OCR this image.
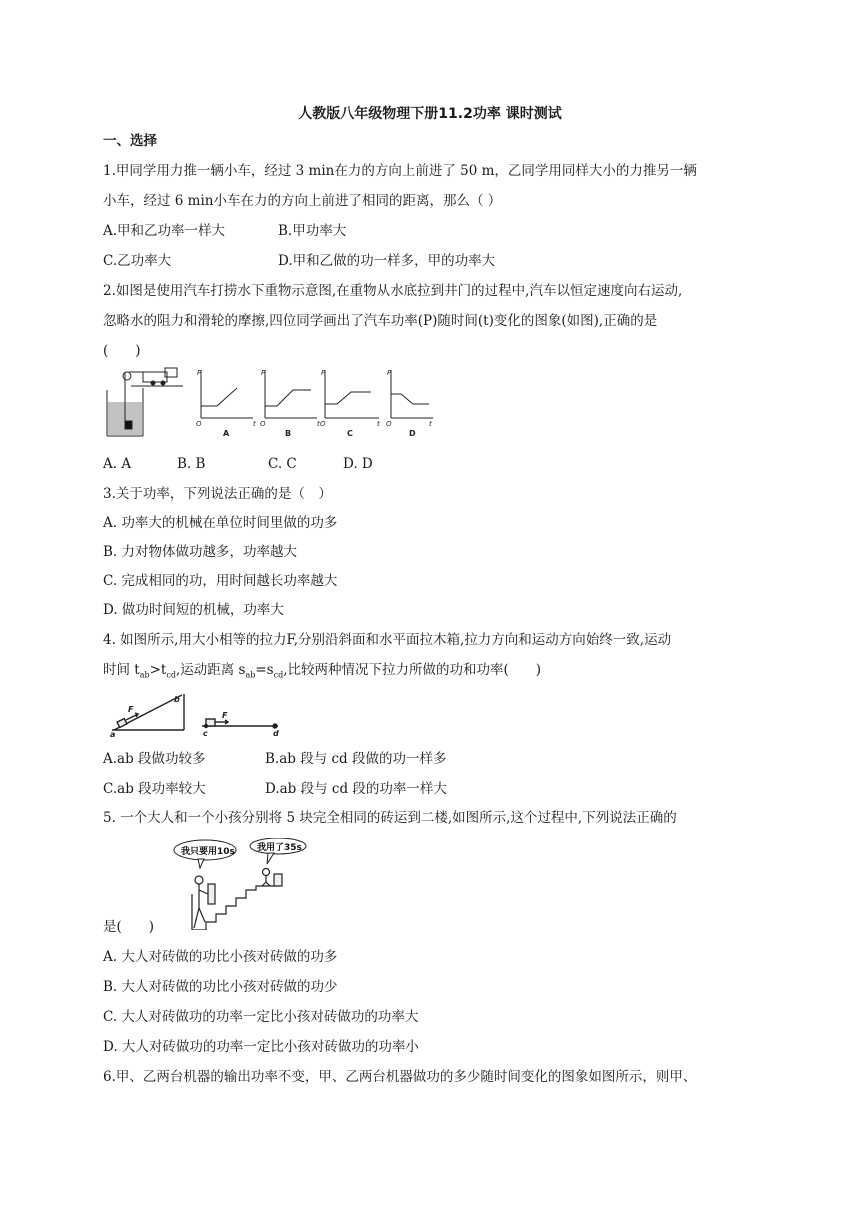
人教版八年级物理下册11.2功率 课时测试
一、选择
1.甲同学用力推一辆小车，经过 3 min在力的方向上前进了 50 m，乙同学用同样大小的力推另一辆
小车，经过 6 min小车在力的方向上前进了相同的距离，那么（ ）
A.甲和乙功率一样大	B.甲功率大
C.乙功率大	D.甲和乙做的功一样多，甲的功率大
2.如图是使用汽车打捞水下重物示意图,在重物从水底拉到井门的过程中,汽车以恒定速度向右运动,
忽略水的阻力和滑轮的摩擦,四位同学画出了汽车功率(P)随时间(t)变化的图象(如图),正确的是
(　　)
P	P	P	P
t	t	t	t
O	O	O	O
A	B	C	D
A. A	B. B	C. C	D. D
3.关于功率，下列说法正确的是（　）
A. 功率大的机械在单位时间里做的功多
B. 力对物体做功越多，功率越大
C. 完成相同的功，用时间越长功率越大
D. 做功时间短的机械，功率大
4. 如图所示,用大小相等的拉力F,分别沿斜面和水平面拉木箱,拉力方向和运动方向始终一致,运动
时间 $t_{ab}>t_{cd}$,运动距离 $s_{ab}=s_{cd}$,比较两种情况下拉力所做的功和功率(　　)
a
b
F
c	d
F
A.ab 段做功较多	B.ab 段与 cd 段做的功一样多
C.ab 段功率较大	D.ab 段与 cd 段的功率一样大
5. 一个大人和一个小孩分别将 5 块完全相同的砖运到二楼,如图所示,这个过程中,下列说法正确的
我只要用10s 我用了35s
是(　　)
A. 大人对砖做的功比小孩对砖做的功多
B. 大人对砖做的功比小孩对砖做的功少
C. 大人对砖做功的功率一定比小孩对砖做功的功率大
D. 大人对砖做功的功率一定比小孩对砖做功的功率小
6.甲、乙两台机器的输出功率不变，甲、乙两台机器做功的多少随时间变化的图象如图所示，则甲、
